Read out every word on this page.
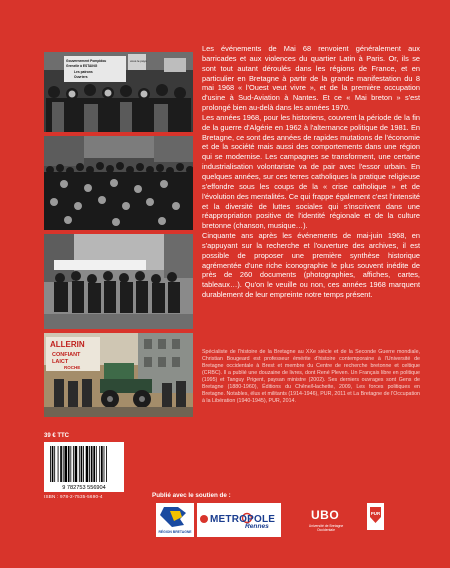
Gouvernement Pompidou
Grenelle à ESTAING
Les patrons
Ouvriers
vous le pays
ALLERIN
CONFIANT
LAICT
ROCHE

Les événements de Mai 68 renvoient généralement aux barricades et aux violences du quartier Latin à Paris. Or, ils se sont tout autant déroulés dans les régions de France, et en particulier en Bretagne à partir de la grande manifestation du 8 mai 1968 « l'Ouest veut vivre », et de la première occupation d'usine à Sud-Aviation à Nantes. Et ce « Mai breton » s'est prolongé bien au-delà dans les années 1970.

Les années 1968, pour les historiens, couvrent la période de la fin de la guerre d'Algérie en 1962 à l'alternance politique de 1981. En Bretagne, ce sont des années de rapides mutations de l'économie et de la société mais aussi des comportements dans une région qui se modernise. Les campagnes se transforment, une certaine industrialisation volontariste va de pair avec l'essor urbain. En quelques années, sur ces terres catholiques la pratique religieuse s'effondre sous les coups de la « crise catholique » et de l'évolution des mentalités. Ce qui frappe également c'est l'intensité et la diversité de luttes sociales qui s'inscrivent dans une réappropriation positive de l'identité régionale et de la culture bretonne (chanson, musique…).

Cinquante ans après les événements de mai-juin 1968, en s'appuyant sur la recherche et l'ouverture des archives, il est possible de proposer une première synthèse historique agrémentée d'une riche iconographie le plus souvent inédite de près de 260 documents (photographies, affiches, cartes, tableaux…). Qu'on le veuille ou non, ces années 1968 marquent durablement de leur empreinte notre temps présent.

Spécialiste de l'histoire de la Bretagne au XXe siècle et de la Seconde Guerre mondiale, Christian Bougeard est professeur émérite d'histoire contemporaine à l'Université de Bretagne occidentale à Brest et membre du Centre de recherche bretonne et celtique (CRBC). Il a publié une douzaine de livres, dont René Pleven. Un Français libre en politique (1995) et Tanguy Prigent, paysan ministre (2002). Ses derniers ouvrages sont Gens de Bretagne (1880-1960), Éditions du Chêne/Hachette, 2009, Les forces politiques en Bretagne. Notables, élus et militants (1914-1946), PUR, 2011 et La Bretagne de l'Occupation à la Libération (1940-1945), PUR, 2014.

39 € TTC
9 782753 556904
ISBN : 978-2-7535-5690-4	Publié avec le soutien de :
RÉGION BRETAGNE
METROPOLE
Rennes
UBO
Université de Bretagne Occidentale
PUR
